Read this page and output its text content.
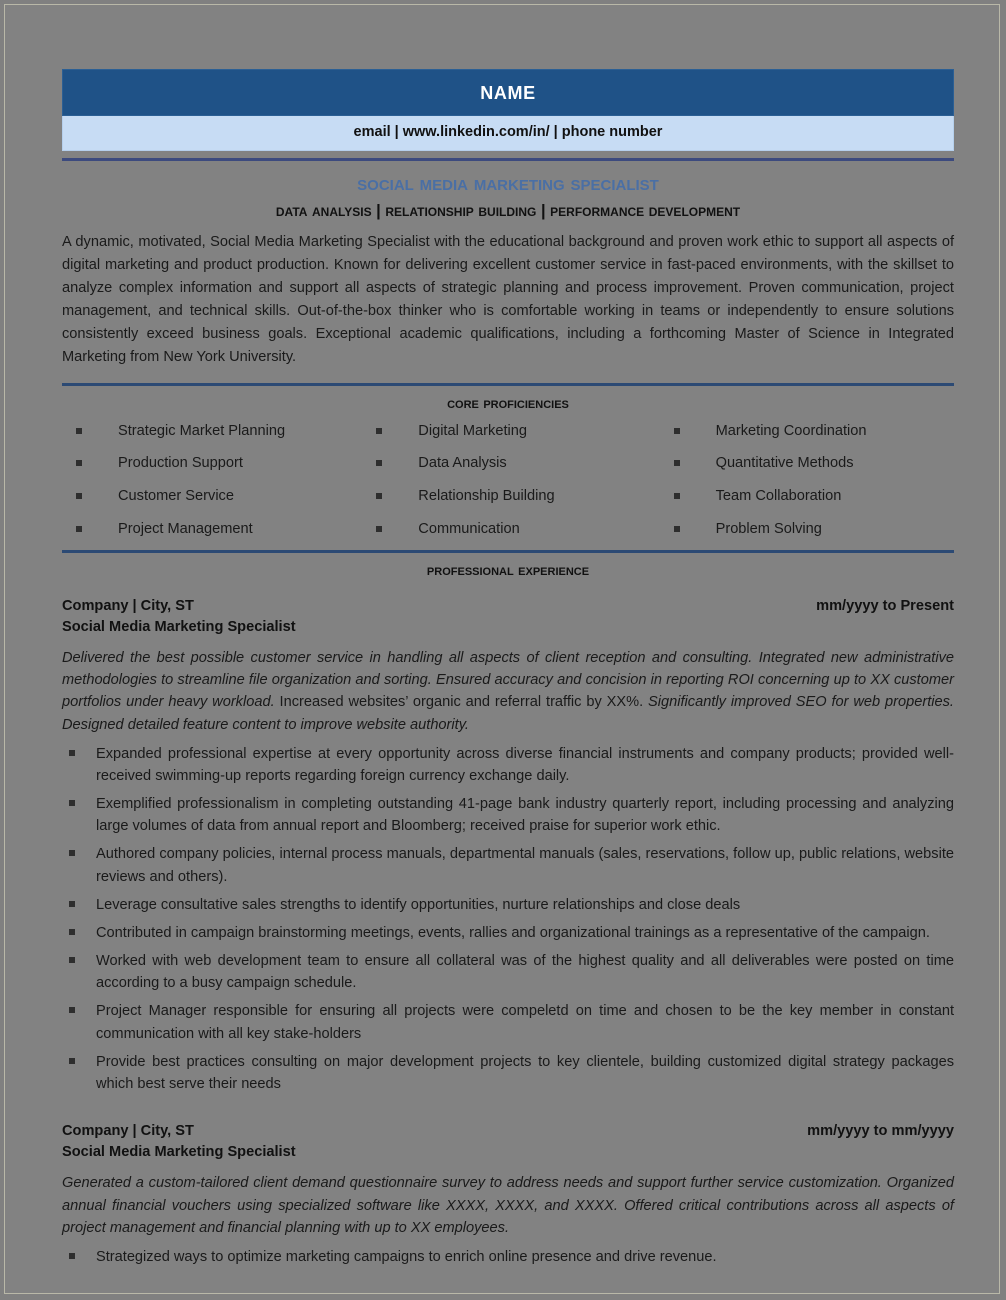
name
email | www.linkedin.com/in/ | phone number
social media marketing specialist
data analysis | relationship building | performance development
A dynamic, motivated, Social Media Marketing Specialist with the educational background and proven work ethic to support all aspects of digital marketing and product production. Known for delivering excellent customer service in fast-paced environments, with the skillset to analyze complex information and support all aspects of strategic planning and process improvement. Proven communication, project management, and technical skills. Out-of-the-box thinker who is comfortable working in teams or independently to ensure solutions consistently exceed business goals. Exceptional academic qualifications, including a forthcoming Master of Science in Integrated Marketing from New York University.
core proficiencies
Strategic Market Planning
Production Support
Customer Service
Project Management
Digital Marketing
Data Analysis
Relationship Building
Communication
Marketing Coordination
Quantitative Methods
Team Collaboration
Problem Solving
professional experience
Company | City, ST	mm/yyyy to Present
Social Media Marketing Specialist
Delivered the best possible customer service in handling all aspects of client reception and consulting. Integrated new administrative methodologies to streamline file organization and sorting. Ensured accuracy and concision in reporting ROI concerning up to XX customer portfolios under heavy workload. Increased websites’ organic and referral traffic by XX%. Significantly improved SEO for web properties. Designed detailed feature content to improve website authority.
Expanded professional expertise at every opportunity across diverse financial instruments and company products; provided well-received swimming-up reports regarding foreign currency exchange daily.
Exemplified professionalism in completing outstanding 41-page bank industry quarterly report, including processing and analyzing large volumes of data from annual report and Bloomberg; received praise for superior work ethic.
Authored company policies, internal process manuals, departmental manuals (sales, reservations, follow up, public relations, website reviews and others).
Leverage consultative sales strengths to identify opportunities, nurture relationships and close deals
Contributed in campaign brainstorming meetings, events, rallies and organizational trainings as a representative of the campaign.
Worked with web development team to ensure all collateral was of the highest quality and all deliverables were posted on time according to a busy campaign schedule.
Project Manager responsible for ensuring all projects were compeletd on time and chosen to be the key member in constant communication with all key stake-holders
Provide best practices consulting on major development projects to key clientele, building customized digital strategy packages which best serve their needs
Company | City, ST	mm/yyyy to mm/yyyy
Social Media Marketing Specialist
Generated a custom-tailored client demand questionnaire survey to address needs and support further service customization. Organized annual financial vouchers using specialized software like XXXX, XXXX, and XXXX. Offered critical contributions across all aspects of project management and financial planning with up to XX employees.
Strategized ways to optimize marketing campaigns to enrich online presence and drive revenue.
